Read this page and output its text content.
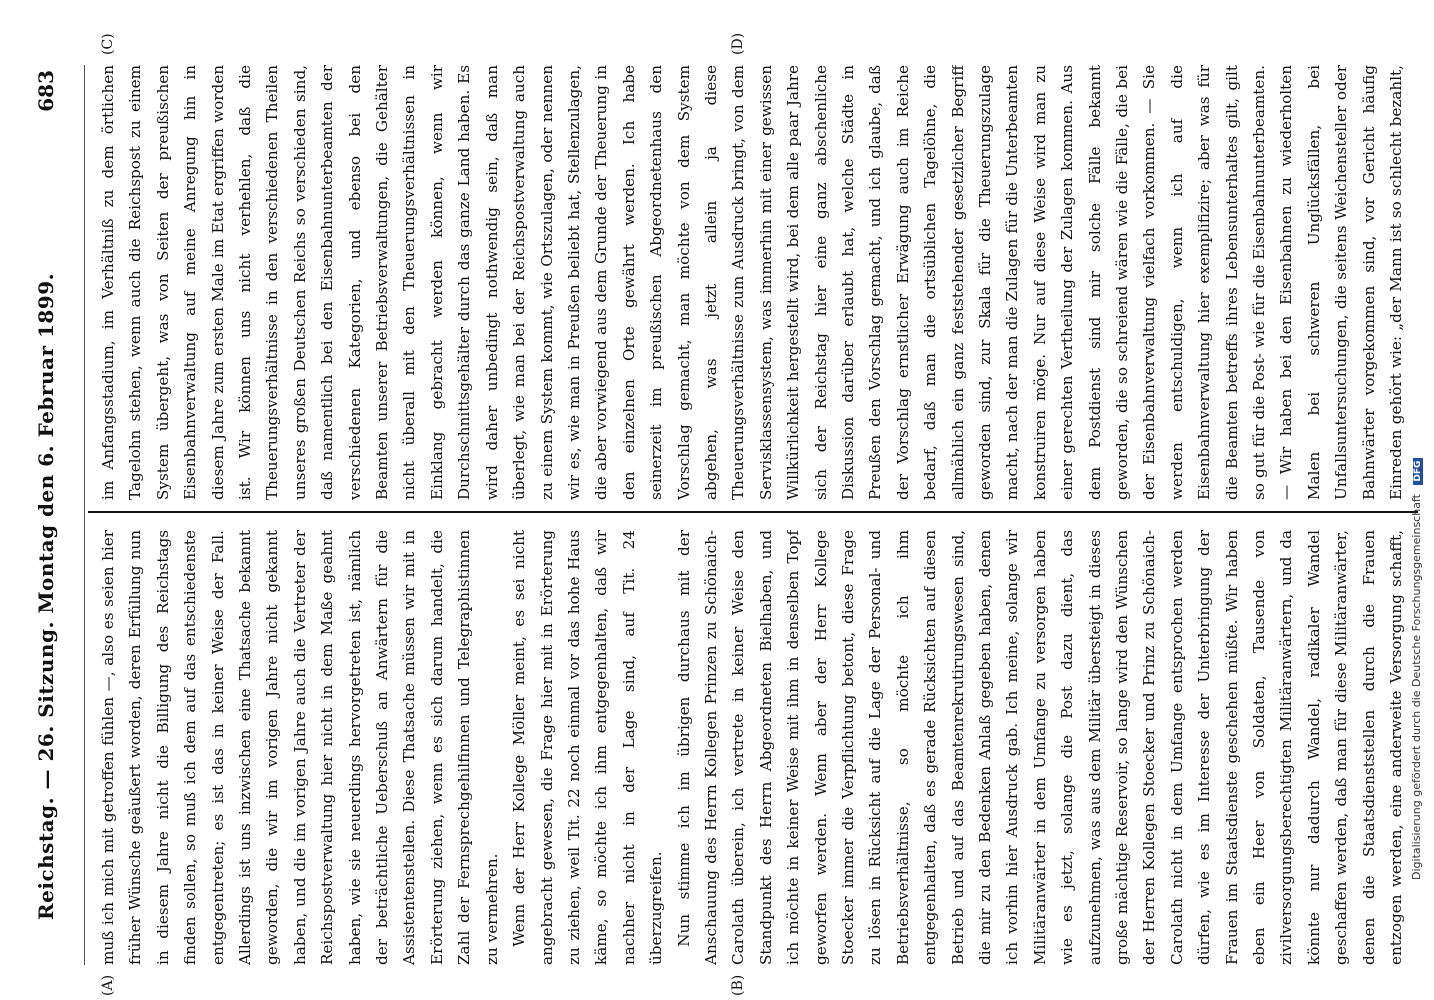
Reichstag. — 26. Sitzung. Montag den 6. Februar 1899.
683

muß ich mich mit getroffen fühlen —, also es seien hier früher Wünsche geäußert worden, deren Erfüllung nun in diesem Jahre nicht die Billigung des Reichstags finden sollen, so muß ich dem auf das entschiedenste entgegentreten; es ist das in keiner Weise der Fall. Allerdings ist uns inzwischen eine Thatsache bekannt geworden, die wir im vorigen Jahre nicht gekannt haben, und die im vorigen Jahre auch die Vertreter der Reichspostverwaltung hier nicht in dem Maße geahnt haben, wie sie neuerdings hervorgetreten ist, nämlich der beträchtliche Ueberschuß an Anwärtern für die Assistentenstellen. Diese Thatsache müssen wir mit in Erörterung ziehen, wenn es sich darum handelt, die Zahl der Fernsprechgehilfinnen und Telegraphistinnen zu vermehren. Wenn der Herr Kollege Möller meint, es sei nicht angebracht gewesen, die Frage hier mit in Erörterung zu ziehen, weil Tit. 22 noch einmal vor das hohe Haus käme, so möchte ich ihm entgegenhalten, daß wir nachher nicht in der Lage sind, auf Tit. 24 überzugreifen. Nun stimme ich im übrigen durchaus mit der Anschauung des Herrn Kollegen Prinzen zu Schönaich-Carolath überein, ich vertrete in keiner Weise den Standpunkt des Herrn Abgeordneten Bielhaben, und ich möchte in keiner Weise mit ihm in denselben Topf geworfen werden. Wenn aber der Herr Kollege Stoecker immer die Verpflichtung betont, diese Frage zu lösen in Rücksicht auf die Lage der Personal- und Betriebsverhältnisse, so möchte ich ihm entgegenhalten, daß es gerade Rücksichten auf diesen Betrieb und auf das Beamtenrekrutirungswesen sind, die mir zu den Bedenken Anlaß gegeben haben, denen ich vorhin hier Ausdruck gab. Ich meine, solange wir Militäranwärter in dem Umfange zu versorgen haben wie es jetzt, solange die Post dazu dient, das aufzunehmen, was aus dem Militär übersteigt in dieses große mächtige Reservoir, so lange wird den Wünschen der Herren Kollegen Stoecker und Prinz zu Schönaich-Carolath nicht in dem Umfange entsprochen werden dürfen, wie es im Interesse der Unterbringung der Frauen im Staatsdienste geschehen müßte. Wir haben eben ein Heer von Soldaten, Tausende von zivilversorgungsberechtigten Militäranwärtern, und da könnte nur dadurch Wandel, radikaler Wandel geschaffen werden, daß man für diese Militäranwärter, denen die Staatsdienststellen durch die Frauen entzogen werden, eine anderweite Versorgung schafft,

im Anfangsstadium, im Verhältniß zu dem örtlichen Tagelohn stehen, wenn auch die Reichspost zu einem System übergeht, was von Seiten der preußischen Eisenbahnverwaltung auf meine Anregung hin in diesem Jahre zum ersten Male im Etat ergriffen worden ist. Wir können uns nicht verhehlen, daß die Theuerungsverhältnisse in den verschiedenen Theilen unseres großen Deutschen Reichs so verschieden sind, daß namentlich bei den Eisenbahnunterbeamten der verschiedenen Kategorien, und ebenso bei den Beamten unserer Betriebsverwaltungen, die Gehälter nicht überall mit den Theuerungsverhältnissen in Einklang gebracht werden können, wenn wir Durchschnittsgehälter durch das ganze Land haben. Es wird daher unbedingt nothwendig sein, daß man überlegt, wie man bei der Reichspostverwaltung auch zu einem System kommt, wie Ortszulagen, oder nennen wir es, wie man in Preußen beliebt hat, Stellenzulagen, die aber vorwiegend aus dem Grunde der Theuerung in den einzelnen Orte gewährt werden. Ich habe seinerzeit im preußischen Abgeordnetenhaus den Vorschlag gemacht, man möchte von dem System abgehen, was jetzt allein ja diese Theuerungsverhältnisse zum Ausdruck bringt, von dem Servisklassensystem, was immerhin mit einer gewissen Willkürlichkeit hergestellt wird, bei dem alle paar Jahre sich der Reichstag hier eine ganz abschenliche Diskussion darüber erlaubt hat, welche Städte in Preußen den Vorschlag gemacht, und ich glaube, daß der Vorschlag ernstlicher Erwägung auch im Reiche bedarf, daß man die ortsüblichen Tagelöhne, die allmählich ein ganz feststehender gesetzlicher Begriff geworden sind, zur Skala für die Theuerungszulage macht, nach der man die Zulagen für die Unterbeamten konstruiren möge. Nur auf diese Weise wird man zu einer gerechten Vertheilung der Zulagen kommen. Aus dem Postdienst sind mir solche Fälle bekannt geworden, die so schreiend wären wie die Fälle, die bei der Eisenbahnverwaltung vielfach vorkommen. — Sie werden entschuldigen, wenn ich auf die Eisenbahnverwaltung hier exemplifizire; aber was für die Beamten betreffs ihres Lebensunterhaltes gilt, gilt so gut für die Post- wie für die Eisenbahnunterbeamten. — Wir haben bei den Eisenbahnen zu wiederholten Malen bei schweren Unglücksfällen, bei Unfallsuntersuchungen, die seitens Weichensteller oder Bahnwärter vorgekommen sind, vor Gericht häufig Einreden gehört wie: „der Mann ist so schlecht bezahlt,

(A)	(B)
(C)	(D)
Digitalisierung gefördert durch die Deutsche Forschungsgemeinschaft DFG
